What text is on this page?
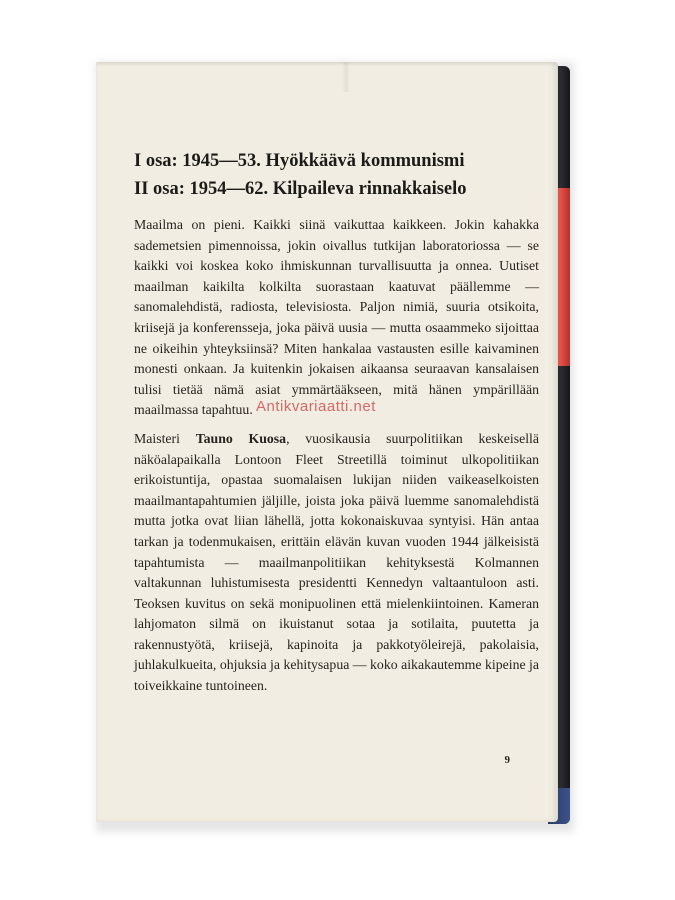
I osa: 1945—53. Hyökkäävä kommunismi
II osa: 1954—62. Kilpaileva rinnakkaiselo

Maailma on pieni. Kaikki siinä vaikuttaa kaikkeen. Jokin kahakka sademetsien pimennoissa, jokin oivallus tutkijan laboratoriossa — se kaikki voi koskea koko ihmiskunnan turvallisuutta ja onnea. Uutiset maailman kaikilta kolkilta suorastaan kaatuvat päällemme — sanomalehdistä, radiosta, televisiosta. Paljon nimiä, suuria otsikoita, kriisejä ja konferensseja, joka päivä uusia — mutta osaammeko sijoittaa ne oikeihin yhteyksiinsä? Miten hankalaa vastausten esille kaivaminen monesti onkaan. Ja kuitenkin jokaisen aikaansa seuraavan kansalaisen tulisi tietää nämä asiat ymmärtääkseen, mitä hänen ympärillään maailmassa tapahtuu.

Maisteri Tauno Kuosa, vuosikausia suurpolitiikan keskeisellä näköalapaikalla Lontoon Fleet Streetillä toiminut ulkopolitiikan erikoistuntija, opastaa suomalaisen lukijan niiden vaikeaselkoisten maailmantapahtumien jäljille, joista joka päivä luemme sanomalehdistä mutta jotka ovat liian lähellä, jotta kokonaiskuvaa syntyisi. Hän antaa tarkan ja todenmukaisen, erittäin elävän kuvan vuoden 1944 jälkeisistä tapahtumista — maailmanpolitiikan kehityksestä Kolmannen valtakunnan luhistumisesta presidentti Kennedyn valtaantuloon asti. Teoksen kuvitus on sekä monipuolinen että mielenkiintoinen. Kameran lahjomaton silmä on ikuistanut sotaa ja sotilaita, puutetta ja rakennustyötä, kriisejä, kapinoita ja pakkotyöleirejä, pakolaisia, juhlakulkueita, ohjuksia ja kehitysapua — koko aikakautemme kipeine ja toiveikkaine tuntoineen.

9
Antikvariaatti.net
